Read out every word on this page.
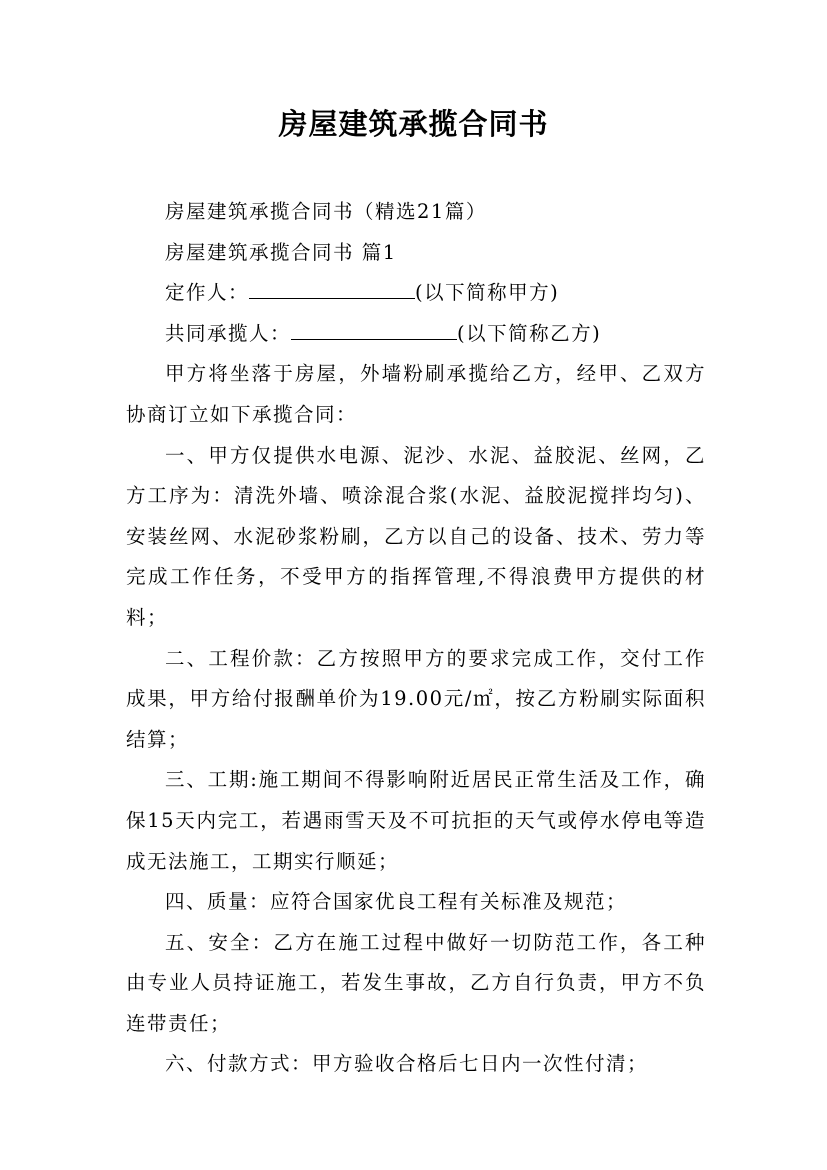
房屋建筑承揽合同书

房屋建筑承揽合同书（精选21篇）

房屋建筑承揽合同书 篇1

定作人：	(以下简称甲方)

共同承揽人：	(以下简称乙方)

甲方将坐落于房屋，外墙粉刷承揽给乙方，经甲、乙双方协商订立如下承揽合同：

一、甲方仅提供水电源、泥沙、水泥、益胶泥、丝网，乙方工序为：清洗外墙、喷涂混合浆(水泥、益胶泥搅拌均匀)、安装丝网、水泥砂浆粉刷，乙方以自己的设备、技术、劳力等完成工作任务，不受甲方的指挥管理,不得浪费甲方提供的材料；

二、工程价款：乙方按照甲方的要求完成工作，交付工作成果，甲方给付报酬单价为19.00元/㎡，按乙方粉刷实际面积结算；

三、工期:施工期间不得影响附近居民正常生活及工作，确保15天内完工，若遇雨雪天及不可抗拒的天气或停水停电等造成无法施工，工期实行顺延；

四、质量：应符合国家优良工程有关标准及规范；

五、安全：乙方在施工过程中做好一切防范工作，各工种由专业人员持证施工，若发生事故，乙方自行负责，甲方不负连带责任；

六、付款方式：甲方验收合格后七日内一次性付清；
